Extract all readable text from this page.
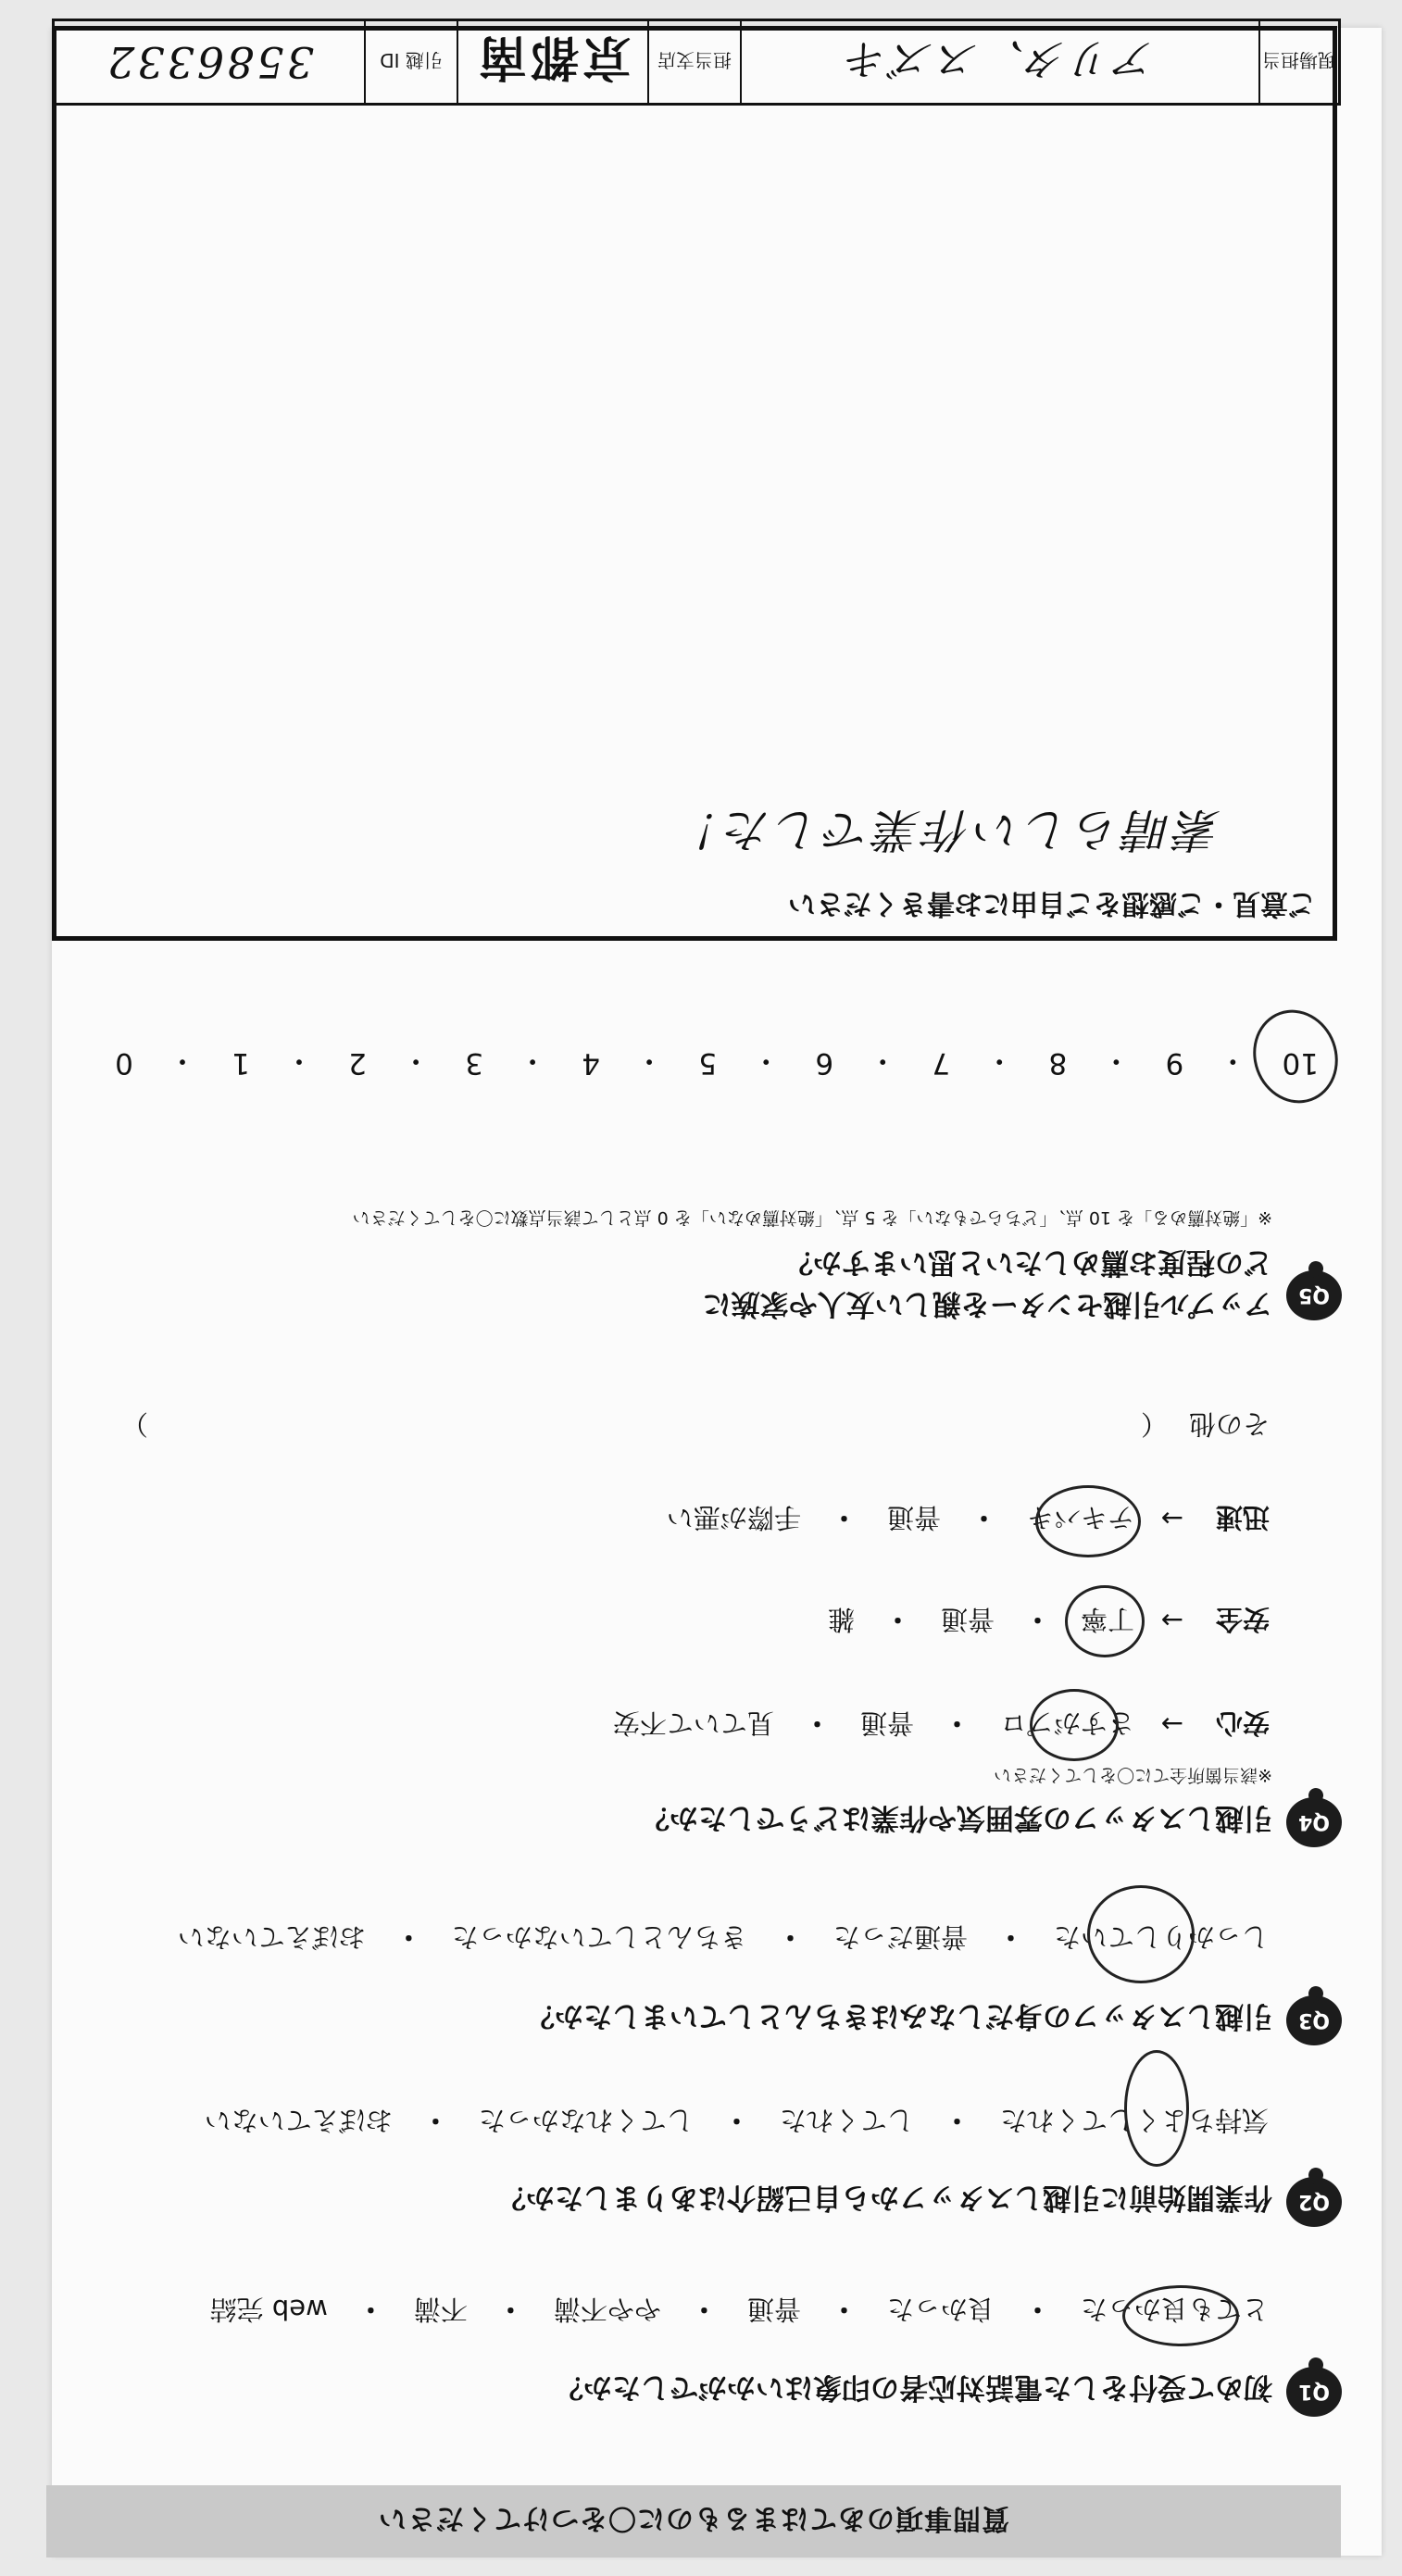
質問事項のあてはまるものに〇をつけてください
Q1
初めて受付をした電話対応者の印象はいかがでしたか？
とても良かった
・
良かった
・
普通
・
やや不満
・
不満
・
web 完結
Q2
作業開始前に引越しスタッフから自己紹介はありましたか？
気持ちよくしてくれた
・
してくれた
・
してくれなかった
・
おぼえていない
Q3
引越しスタッフの身だしなみはきちんとしていましたか？
しっかりしていた
・
普通だった
・
きちんとしていなかった
・
おぼえていない
Q4
引越しスタッフの雰囲気や作業はどうでしたか？
※該当箇所全てに〇をしてください
安心
→
さすがプロ
・
普通
・
見ていて不安
安全
→
丁寧
・
普通
・
雑
迅速
→
テキパキ
・
普通
・
手際が悪い
その他
（
）
Q5
アップル引越センターを親しい友人や家族に
どの程度お薦めしたいと思いますか？
※「絶対薦める」を 10 点、「どちらでもない」を 5 点、「絶対薦めない」を 0 点として該当点数に〇をしてください
10
・
9
・
8
・
7
・
6
・
5
・
4
・
3
・
2
・
1
・
0
ご意見・ご感想をご自由にお書きください
素晴らしい作業でした！
現場担当
アリタ、スズキ
担当支店
京都南
引越 ID
3586332
